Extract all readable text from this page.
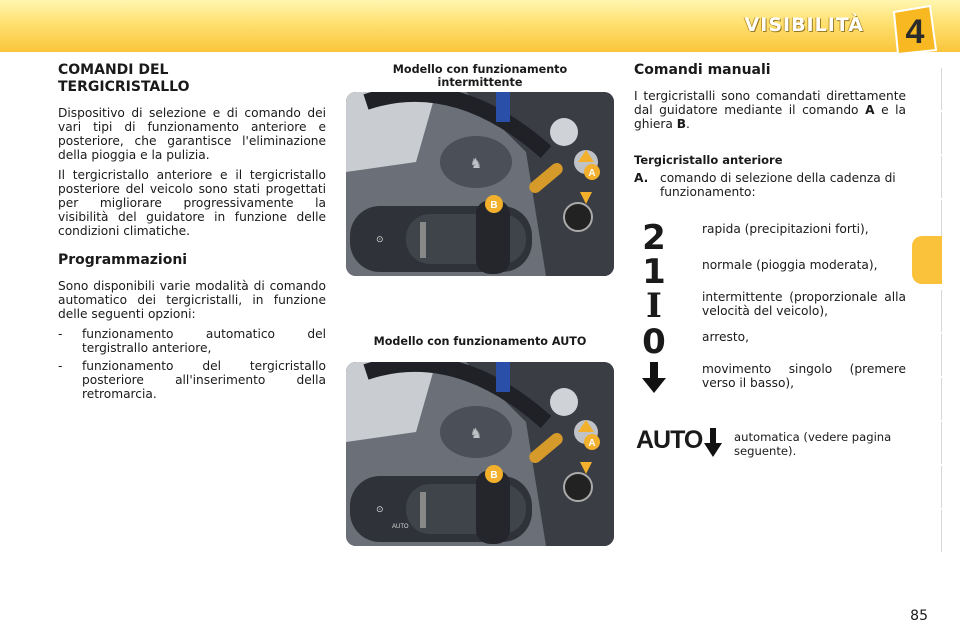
VISIBILITÀ 4
COMANDI DEL TERGICRISTALLO

Dispositivo di selezione e di comando dei vari tipi di funzionamento anteriore e posteriore, che garantisce l'eliminazione della pioggia e la pulizia.

Il tergicristallo anteriore e il tergicristallo posteriore del veicolo sono stati progettati per migliorare progressivamente la visibilità del guidatore in funzione delle condizioni climatiche.

Programmazioni

Sono disponibili varie modalità di comando automatico dei tergicristalli, in funzione delle seguenti opzioni:

- funzionamento automatico del tergistrallo anteriore,
- funzionamento del tergicristallo posteriore all'inserimento della retromarcia.
Modello con funzionamento intermittente
Modello con funzionamento AUTO
♞
A
B
⊙
♞
A
B
⊙
AUTO
Comandi manuali

I tergicristalli sono comandati direttamente dal guidatore mediante il comando A e la ghiera B.

Tergicristallo anteriore
A. comando di selezione della cadenza di funzionamento:
2	rapida (precipitazioni forti),
1	normale (pioggia moderata),
I	intermittente (proporzionale alla velocità del veicolo),
0	arresto,
movimento singolo (premere verso il basso),
AUTO	automatica (vedere pagina seguente).
85
